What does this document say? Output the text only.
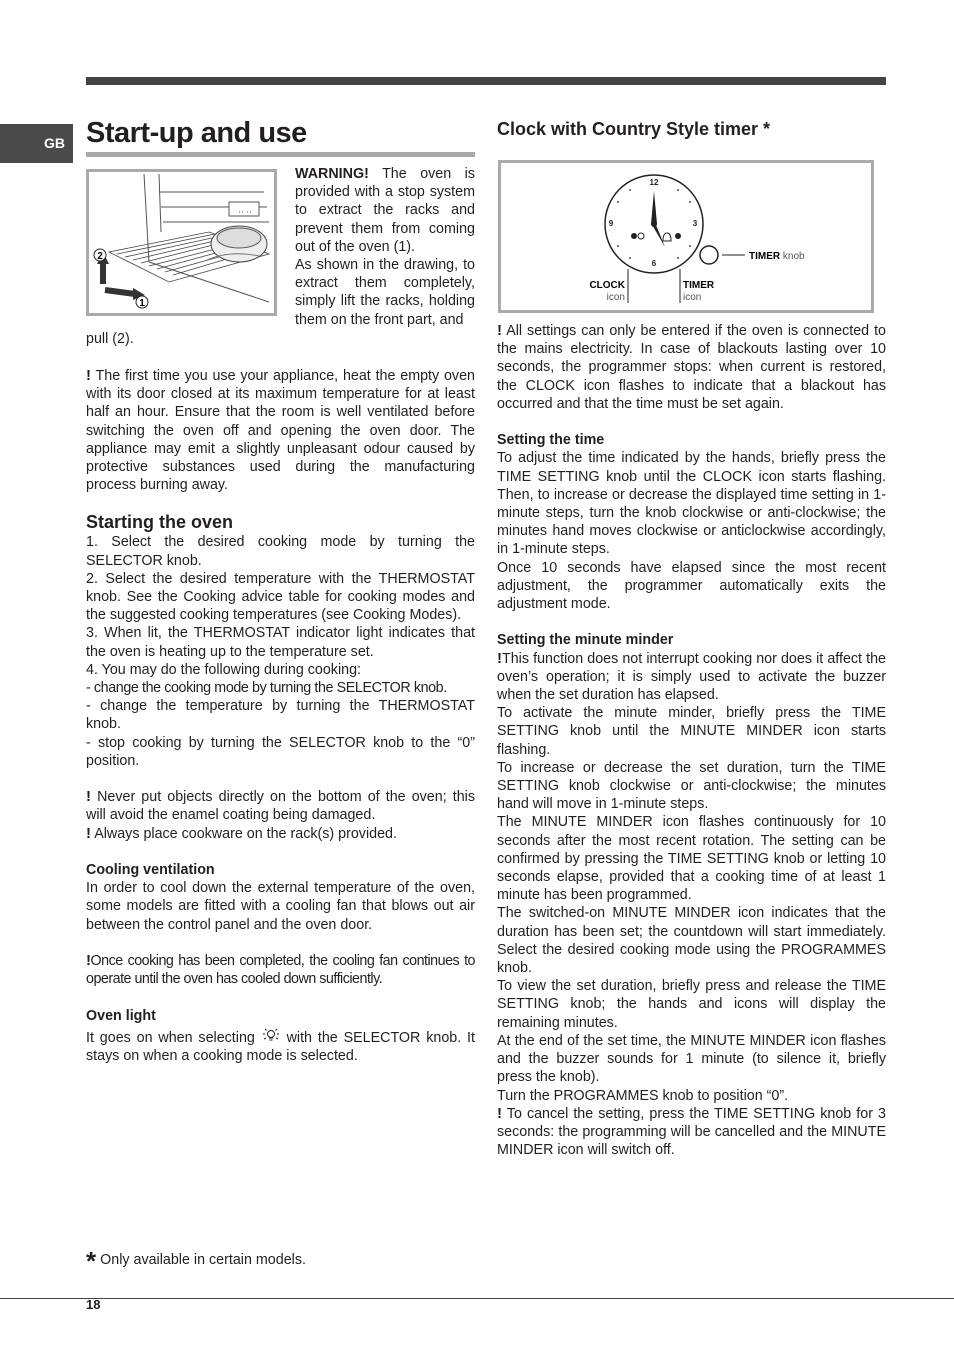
GB Start-up and use
2
1

WARNING! The oven is provided with a stop system to extract the racks and prevent them from coming out of the oven (1).

As shown in the drawing, to extract them completely, simply lift the racks, holding them on the front part, and

pull (2).

! The first time you use your appliance, heat the empty oven with its door closed at its maximum temperature for at least half an hour. Ensure that the room is well ventilated before switching the oven off and opening the oven door. The appliance may emit a slightly unpleasant odour caused by protective substances used during the manufacturing process burning away.

Starting the oven

1. Select the desired cooking mode by turning the SELECTOR knob.

2. Select the desired temperature with the THERMOSTAT knob. See the Cooking advice table for cooking modes and the suggested cooking temperatures (see Cooking Modes).

3. When lit, the THERMOSTAT indicator light indicates that the oven is heating up to the temperature set.

4. You may do the following during cooking:

- change the cooking mode by turning the SELECTOR knob.

- change the temperature by turning the THERMOSTAT knob.

- stop cooking by turning the SELECTOR knob to the “0” position.

! Never put objects directly on the bottom of the oven; this will avoid the enamel coating being damaged.

! Always place cookware on the rack(s) provided.

Cooling ventilation

In order to cool down the external temperature of the oven, some models are fitted with a cooling fan that blows out air between the control panel and the oven door.

!Once cooking has been completed, the cooling fan continues to operate until the oven has cooled down sufficiently.

Oven light

It goes on when selecting  with the SELECTOR knob. It stays on when a cooking mode is selected.

Clock with Country Style timer *
12
3
6
9
TIMER knob
CLOCK
icon
TIMER
icon

! All settings can only be entered if the oven is connected to the mains electricity. In case of blackouts lasting over 10 seconds, the programmer stops: when current is restored, the CLOCK icon flashes to indicate that a blackout has occurred and that the time must be set again.

Setting the time

To adjust the time indicated by the hands, briefly press the TIME SETTING knob until the CLOCK icon starts flashing. Then, to increase or decrease the displayed time setting in 1-minute steps, turn the knob clockwise or anti-clockwise; the minutes hand moves clockwise or anticlockwise accordingly, in 1-minute steps.

Once 10 seconds have elapsed since the most recent adjustment, the programmer automatically exits the adjustment mode.

Setting the minute minder

!This function does not interrupt cooking nor does it affect the oven’s operation; it is simply used to activate the buzzer when the set duration has elapsed.

To activate the minute minder, briefly press the TIME SETTING knob until the MINUTE MINDER icon starts flashing.

To increase or decrease the set duration, turn the TIME SETTING knob clockwise or anti-clockwise; the minutes hand will move in 1-minute steps.

The MINUTE MINDER icon flashes continuously for 10 seconds after the most recent rotation. The setting can be confirmed by pressing the TIME SETTING knob or letting 10 seconds elapse, provided that a cooking time of at least 1 minute has been programmed.

The switched-on MINUTE MINDER icon indicates that the duration has been set; the countdown will start immediately. Select the desired cooking mode using the PROGRAMMES knob.

To view the set duration, briefly press and release the TIME SETTING knob; the hands and icons will display the remaining minutes.

At the end of the set time, the MINUTE MINDER icon flashes and the buzzer sounds for 1 minute (to silence it, briefly press the knob).

Turn the PROGRAMMES knob to position “0”.

! To cancel the setting, press the TIME SETTING knob for 3 seconds: the programming will be cancelled and the MINUTE MINDER icon will switch off.

* Only available in certain models.
18
